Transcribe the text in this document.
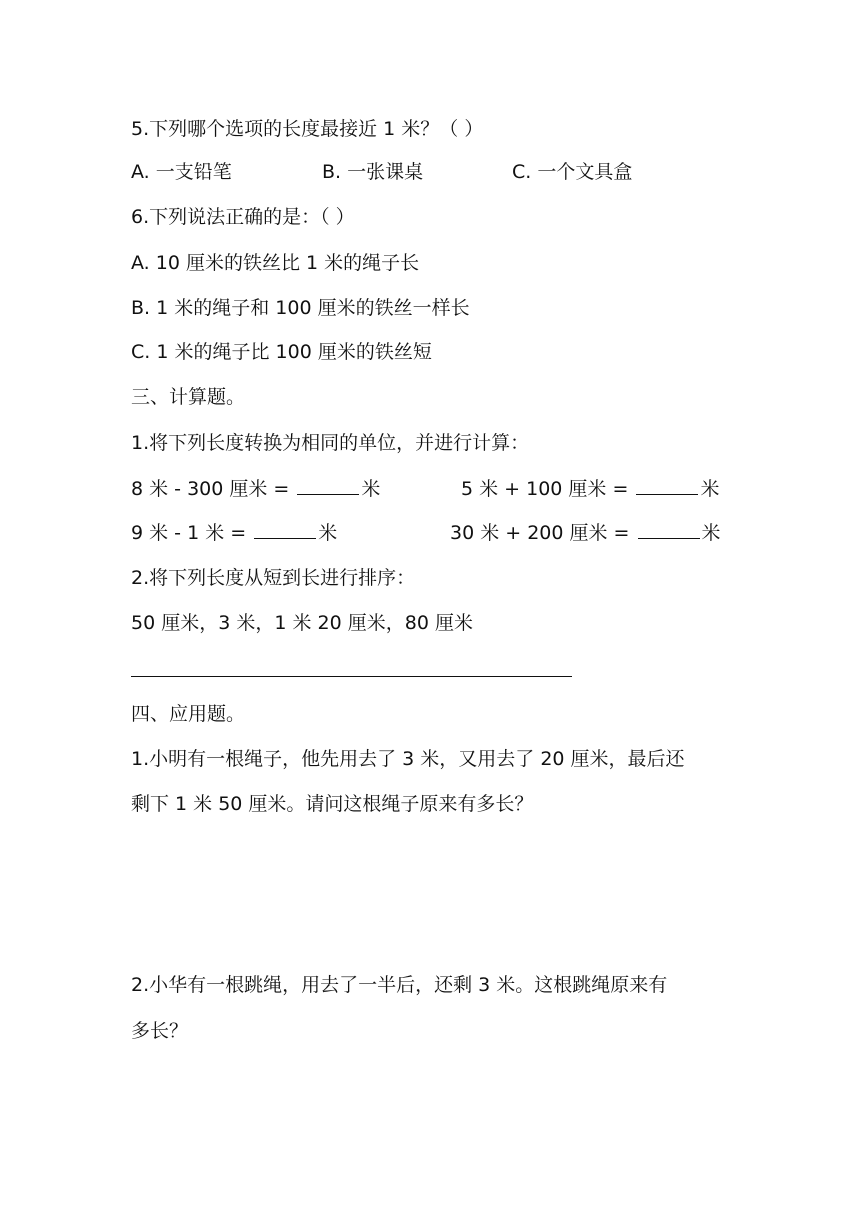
5.下列哪个选项的长度最接近 1 米？（ ）
A. 一支铅笔	B. 一张课桌	C. 一个文具盒
6.下列说法正确的是：（ ）
A. 10 厘米的铁丝比 1 米的绳子长
B. 1 米的绳子和 100 厘米的铁丝一样长
C. 1 米的绳子比 100 厘米的铁丝短
三、计算题。
1.将下列长度转换为相同的单位，并进行计算：
8 米 - 300 厘米 =	米	5 米 + 100 厘米 =	米
9 米 - 1 米 =	米	30 米 + 200 厘米 =	米
2.将下列长度从短到长进行排序：
50 厘米，3 米，1 米 20 厘米，80 厘米
四、应用题。
1.小明有一根绳子，他先用去了 3 米，又用去了 20 厘米，最后还
剩下 1 米 50 厘米。请问这根绳子原来有多长？
2.小华有一根跳绳，用去了一半后，还剩 3 米。这根跳绳原来有
多长？
